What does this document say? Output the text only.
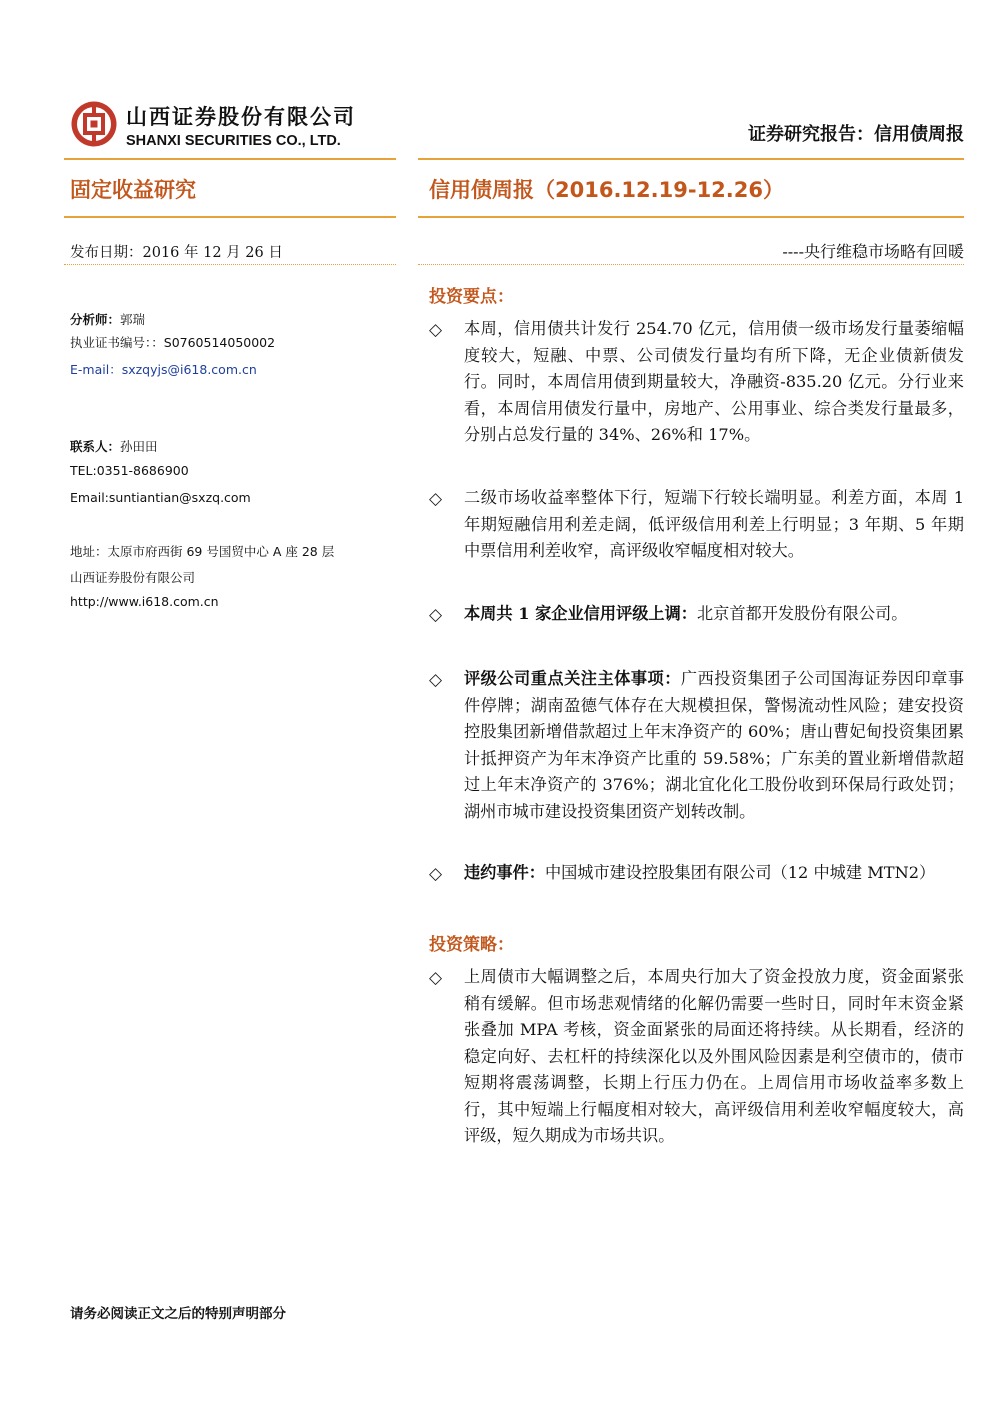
山西证券股份有限公司
SHANXI SECURITIES CO., LTD.	证券研究报告：信用债周报
固定收益研究	信用债周报（2016.12.19-12.26）
发布日期：2016 年 12 月 26 日	----央行维稳市场略有回暖
分析师：郭瑞
执业证书编号：：S0760514050002
E-mail：sxzqyjs@i618.com.cn
联系人：孙田田
TEL:0351-8686900
Email:suntiantian@sxzq.com
地址：太原市府西街 69 号国贸中心 A 座 28 层
山西证券股份有限公司
http://www.i618.com.cn
投资要点：
◇ 本周，信用债共计发行 254.70 亿元，信用债一级市场发行量萎缩幅度较大，短融、中票、公司债发行量均有所下降，无企业债新债发行。同时，本周信用债到期量较大，净融资-835.20 亿元。分行业来看，本周信用债发行量中，房地产、公用事业、综合类发行量最多，分别占总发行量的 34%、26%和 17%。
◇ 二级市场收益率整体下行，短端下行较长端明显。利差方面，本周 1 年期短融信用利差走阔，低评级信用利差上行明显；3 年期、5 年期中票信用利差收窄，高评级收窄幅度相对较大。
◇ 本周共 1 家企业信用评级上调：北京首都开发股份有限公司。
◇ 评级公司重点关注主体事项：广西投资集团子公司国海证券因印章事件停牌；湖南盈德气体存在大规模担保，警惕流动性风险；建安投资控股集团新增借款超过上年末净资产的 60%；唐山曹妃甸投资集团累计抵押资产为年末净资产比重的 59.58%；广东美的置业新增借款超过上年末净资产的 376%；湖北宜化化工股份收到环保局行政处罚；湖州市城市建设投资集团资产划转改制。
◇ 违约事件：中国城市建设控股集团有限公司（12 中城建 MTN2）
投资策略：
◇ 上周债市大幅调整之后，本周央行加大了资金投放力度，资金面紧张稍有缓解。但市场悲观情绪的化解仍需要一些时日，同时年末资金紧张叠加 MPA 考核，资金面紧张的局面还将持续。从长期看，经济的稳定向好、去杠杆的持续深化以及外围风险因素是利空债市的，债市短期将震荡调整，长期上行压力仍在。上周信用市场收益率多数上行，其中短端上行幅度相对较大，高评级信用利差收窄幅度较大，高评级，短久期成为市场共识。
请务必阅读正文之后的特别声明部分
